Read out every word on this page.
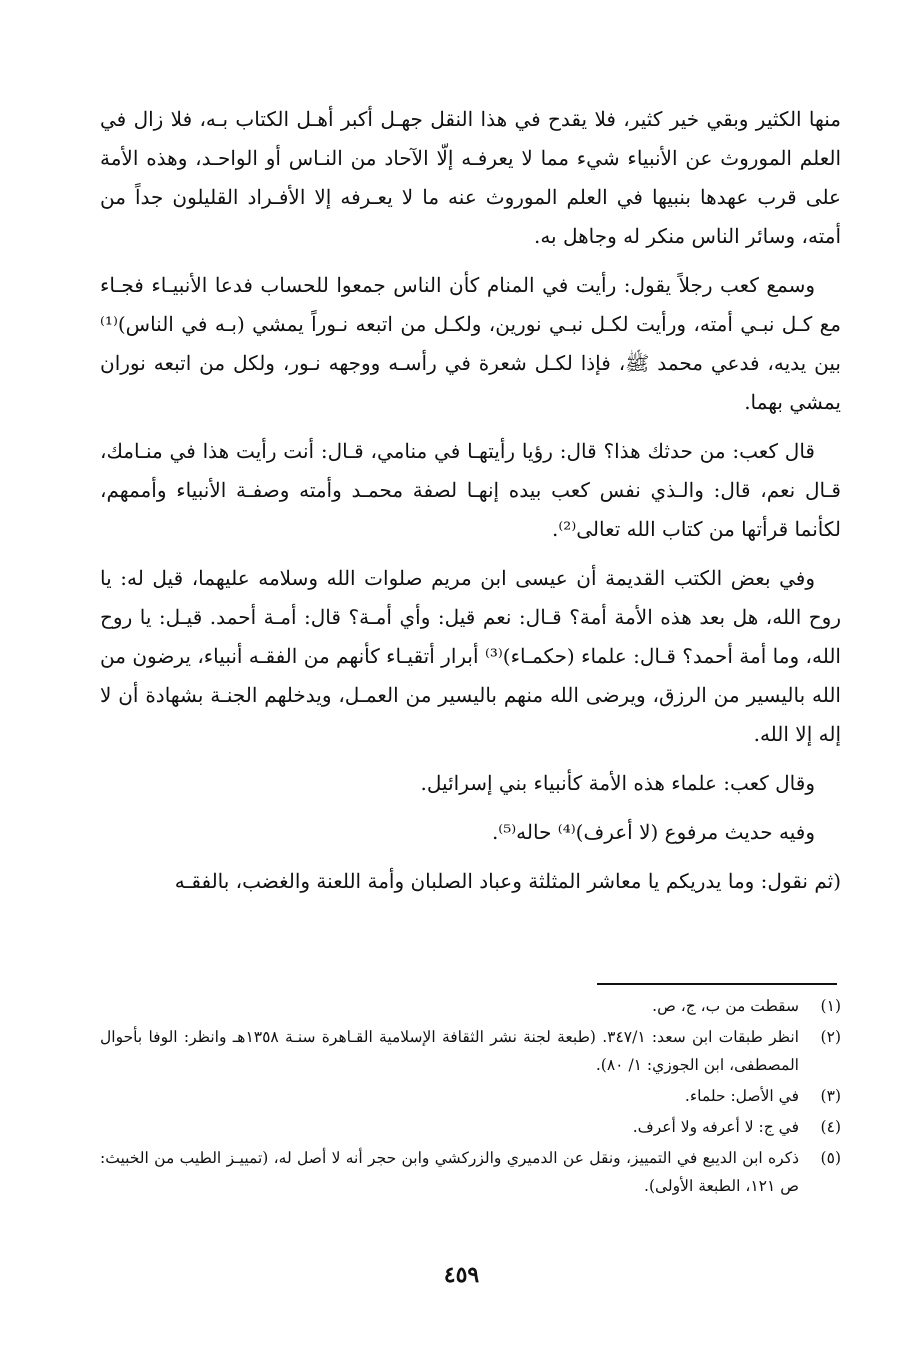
منها الكثير وبقي خير كثير، فلا يقدح في هذا النقل جهـل أكبر أهـل الكتاب بـه، فلا زال في العلم الموروث عن الأنبياء شيء مما لا يعرفـه إلّا الآحاد من النـاس أو الواحـد، وهذه الأمة على قرب عهدها بنبيها في العلم الموروث عنه ما لا يعـرفه إلا الأفـراد القليلون جداً من أمته، وسائر الناس منكر له وجاهل به.

وسمع كعب رجلاً يقول: رأيت في المنام كأن الناس جمعوا للحساب فدعا الأنبيـاء فجـاء مع كـل نبـي أمته، ورأيت لكـل نبـي نورين، ولكـل من اتبعه نـوراً يمشي (بـه في الناس)⁽¹⁾ بين يديه، فدعي محمد ﷺ، فإذا لكـل شعرة في رأسـه ووجهه نـور، ولكل من اتبعه نوران يمشي بهما.

قال كعب: من حدثك هذا؟ قال: رؤيا رأيتهـا في منامي، قـال: أنت رأيت هذا في منـامك، قـال نعم، قال: والـذي نفس كعب بيده إنهـا لصفة محمـد وأمته وصفـة الأنبياء وأممهم، لكأنما قرأتها من كتاب الله تعالى⁽²⁾.

وفي بعض الكتب القديمة أن عيسى ابن مريم صلوات الله وسلامه عليهما، قيل له: يا روح الله، هل بعد هذه الأمة أمة؟ قـال: نعم قيل: وأي أمـة؟ قال: أمـة أحمد. قيـل: يا روح الله، وما أمة أحمد؟ قـال: علماء (حكمـاء)⁽³⁾ أبرار أتقيـاء كأنهم من الفقـه أنبياء، يرضون من الله باليسير من الرزق، ويرضى الله منهم باليسير من العمـل، ويدخلهم الجنـة بشهادة أن لا إله إلا الله.

وقال كعب: علماء هذه الأمة كأنبياء بني إسرائيل.

وفيه حديث مرفوع (لا أعرف)⁽⁴⁾ حاله⁽⁵⁾.

(ثم نقول: وما يدريكم يا معاشر المثلثة وعباد الصلبان وأمة اللعنة والغضب، بالفقـه

(١)
سقطت من ب، ج، ص.
(٢)
انظر طبقات ابن سعد: ٣٤٧/١. (طبعة لجنة نشر الثقافة الإسلامية القـاهرة سنـة ١٣٥٨هـ وانظر: الوفا بأحوال المصطفى، ابن الجوزي: ١/ ٨٠).
(٣)
في الأصل: حلماء.
(٤)
في ج: لا أعرفه ولا أعرف.
(٥)
ذكره ابن الديبع في التمييز، ونقل عن الدميري والزركشي وابن حجر أنه لا أصل له، (تمييـز الطيب من الخبيث: ص ١٢١، الطبعة الأولى).
٤٥٩
